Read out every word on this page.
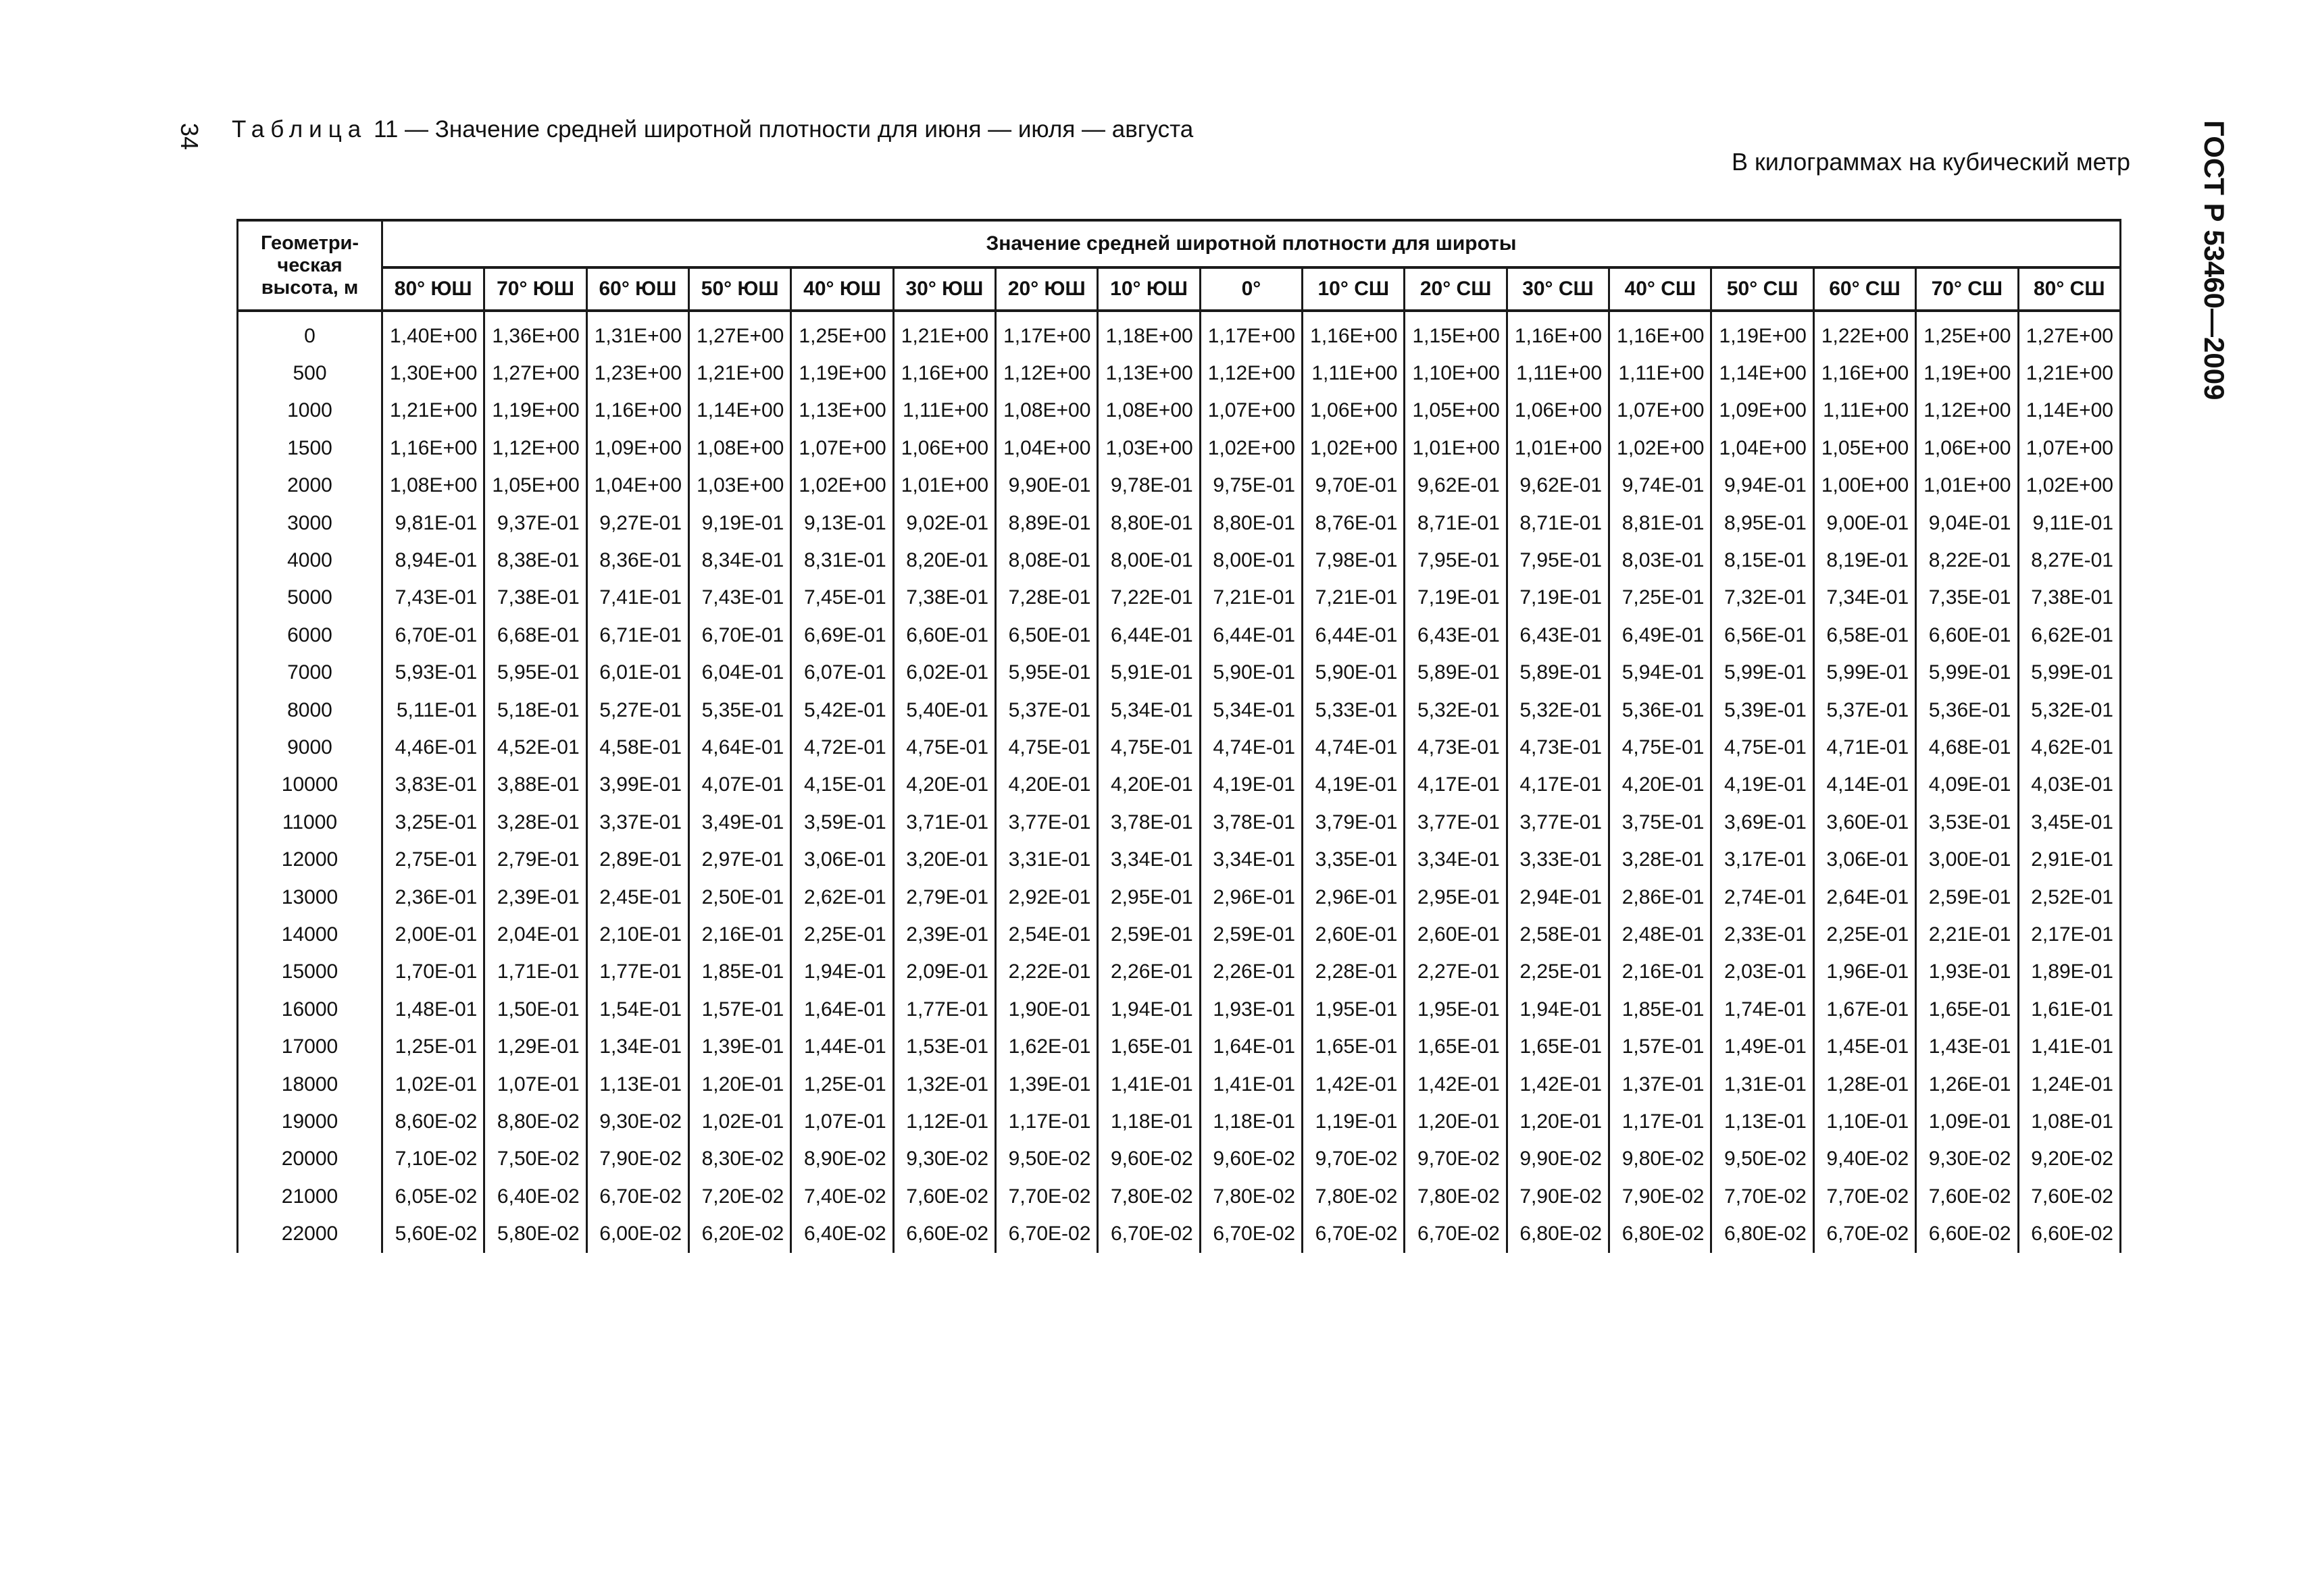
34 Таблица 11 — Значение средней широтной плотности для июня — июля — августа
В килограммах на кубический метр ГОСТ Р 53460—2009
Геометри-
ческая
высота, м	Значение средней широтной плотности для широты																
	80° ЮШ	70° ЮШ	60° ЮШ	50° ЮШ	40° ЮШ	30° ЮШ	20° ЮШ	10° ЮШ	0°	10° СШ	20° СШ	30° СШ	40° СШ	50° СШ	60° СШ	70° СШ	80° СШ
0	1,40E+00	1,36E+00	1,31E+00	1,27E+00	1,25E+00	1,21E+00	1,17E+00	1,18E+00	1,17E+00	1,16E+00	1,15E+00	1,16E+00	1,16E+00	1,19E+00	1,22E+00	1,25E+00	1,27E+00
500	1,30E+00	1,27E+00	1,23E+00	1,21E+00	1,19E+00	1,16E+00	1,12E+00	1,13E+00	1,12E+00	1,11E+00	1,10E+00	1,11E+00	1,11E+00	1,14E+00	1,16E+00	1,19E+00	1,21E+00
1000	1,21E+00	1,19E+00	1,16E+00	1,14E+00	1,13E+00	1,11E+00	1,08E+00	1,08E+00	1,07E+00	1,06E+00	1,05E+00	1,06E+00	1,07E+00	1,09E+00	1,11E+00	1,12E+00	1,14E+00
1500	1,16E+00	1,12E+00	1,09E+00	1,08E+00	1,07E+00	1,06E+00	1,04E+00	1,03E+00	1,02E+00	1,02E+00	1,01E+00	1,01E+00	1,02E+00	1,04E+00	1,05E+00	1,06E+00	1,07E+00
2000	1,08E+00	1,05E+00	1,04E+00	1,03E+00	1,02E+00	1,01E+00	9,90E-01	9,78E-01	9,75E-01	9,70E-01	9,62E-01	9,62E-01	9,74E-01	9,94E-01	1,00E+00	1,01E+00	1,02E+00
3000	9,81E-01	9,37E-01	9,27E-01	9,19E-01	9,13E-01	9,02E-01	8,89E-01	8,80E-01	8,80E-01	8,76E-01	8,71E-01	8,71E-01	8,81E-01	8,95E-01	9,00E-01	9,04E-01	9,11E-01
4000	8,94E-01	8,38E-01	8,36E-01	8,34E-01	8,31E-01	8,20E-01	8,08E-01	8,00E-01	8,00E-01	7,98E-01	7,95E-01	7,95E-01	8,03E-01	8,15E-01	8,19E-01	8,22E-01	8,27E-01
5000	7,43E-01	7,38E-01	7,41E-01	7,43E-01	7,45E-01	7,38E-01	7,28E-01	7,22E-01	7,21E-01	7,21E-01	7,19E-01	7,19E-01	7,25E-01	7,32E-01	7,34E-01	7,35E-01	7,38E-01
6000	6,70E-01	6,68E-01	6,71E-01	6,70E-01	6,69E-01	6,60E-01	6,50E-01	6,44E-01	6,44E-01	6,44E-01	6,43E-01	6,43E-01	6,49E-01	6,56E-01	6,58E-01	6,60E-01	6,62E-01
7000	5,93E-01	5,95E-01	6,01E-01	6,04E-01	6,07E-01	6,02E-01	5,95E-01	5,91E-01	5,90E-01	5,90E-01	5,89E-01	5,89E-01	5,94E-01	5,99E-01	5,99E-01	5,99E-01	5,99E-01
8000	5,11E-01	5,18E-01	5,27E-01	5,35E-01	5,42E-01	5,40E-01	5,37E-01	5,34E-01	5,34E-01	5,33E-01	5,32E-01	5,32E-01	5,36E-01	5,39E-01	5,37E-01	5,36E-01	5,32E-01
9000	4,46E-01	4,52E-01	4,58E-01	4,64E-01	4,72E-01	4,75E-01	4,75E-01	4,75E-01	4,74E-01	4,74E-01	4,73E-01	4,73E-01	4,75E-01	4,75E-01	4,71E-01	4,68E-01	4,62E-01
10000	3,83E-01	3,88E-01	3,99E-01	4,07E-01	4,15E-01	4,20E-01	4,20E-01	4,20E-01	4,19E-01	4,19E-01	4,17E-01	4,17E-01	4,20E-01	4,19E-01	4,14E-01	4,09E-01	4,03E-01
11000	3,25E-01	3,28E-01	3,37E-01	3,49E-01	3,59E-01	3,71E-01	3,77E-01	3,78E-01	3,78E-01	3,79E-01	3,77E-01	3,77E-01	3,75E-01	3,69E-01	3,60E-01	3,53E-01	3,45E-01
12000	2,75E-01	2,79E-01	2,89E-01	2,97E-01	3,06E-01	3,20E-01	3,31E-01	3,34E-01	3,34E-01	3,35E-01	3,34E-01	3,33E-01	3,28E-01	3,17E-01	3,06E-01	3,00E-01	2,91E-01
13000	2,36E-01	2,39E-01	2,45E-01	2,50E-01	2,62E-01	2,79E-01	2,92E-01	2,95E-01	2,96E-01	2,96E-01	2,95E-01	2,94E-01	2,86E-01	2,74E-01	2,64E-01	2,59E-01	2,52E-01
14000	2,00E-01	2,04E-01	2,10E-01	2,16E-01	2,25E-01	2,39E-01	2,54E-01	2,59E-01	2,59E-01	2,60E-01	2,60E-01	2,58E-01	2,48E-01	2,33E-01	2,25E-01	2,21E-01	2,17E-01
15000	1,70E-01	1,71E-01	1,77E-01	1,85E-01	1,94E-01	2,09E-01	2,22E-01	2,26E-01	2,26E-01	2,28E-01	2,27E-01	2,25E-01	2,16E-01	2,03E-01	1,96E-01	1,93E-01	1,89E-01
16000	1,48E-01	1,50E-01	1,54E-01	1,57E-01	1,64E-01	1,77E-01	1,90E-01	1,94E-01	1,93E-01	1,95E-01	1,95E-01	1,94E-01	1,85E-01	1,74E-01	1,67E-01	1,65E-01	1,61E-01
17000	1,25E-01	1,29E-01	1,34E-01	1,39E-01	1,44E-01	1,53E-01	1,62E-01	1,65E-01	1,64E-01	1,65E-01	1,65E-01	1,65E-01	1,57E-01	1,49E-01	1,45E-01	1,43E-01	1,41E-01
18000	1,02E-01	1,07E-01	1,13E-01	1,20E-01	1,25E-01	1,32E-01	1,39E-01	1,41E-01	1,41E-01	1,42E-01	1,42E-01	1,42E-01	1,37E-01	1,31E-01	1,28E-01	1,26E-01	1,24E-01
19000	8,60E-02	8,80E-02	9,30E-02	1,02E-01	1,07E-01	1,12E-01	1,17E-01	1,18E-01	1,18E-01	1,19E-01	1,20E-01	1,20E-01	1,17E-01	1,13E-01	1,10E-01	1,09E-01	1,08E-01
20000	7,10E-02	7,50E-02	7,90E-02	8,30E-02	8,90E-02	9,30E-02	9,50E-02	9,60E-02	9,60E-02	9,70E-02	9,70E-02	9,90E-02	9,80E-02	9,50E-02	9,40E-02	9,30E-02	9,20E-02
21000	6,05E-02	6,40E-02	6,70E-02	7,20E-02	7,40E-02	7,60E-02	7,70E-02	7,80E-02	7,80E-02	7,80E-02	7,80E-02	7,90E-02	7,90E-02	7,70E-02	7,70E-02	7,60E-02	7,60E-02
22000	5,60E-02	5,80E-02	6,00E-02	6,20E-02	6,40E-02	6,60E-02	6,70E-02	6,70E-02	6,70E-02	6,70E-02	6,70E-02	6,80E-02	6,80E-02	6,80E-02	6,70E-02	6,60E-02	6,60E-02
